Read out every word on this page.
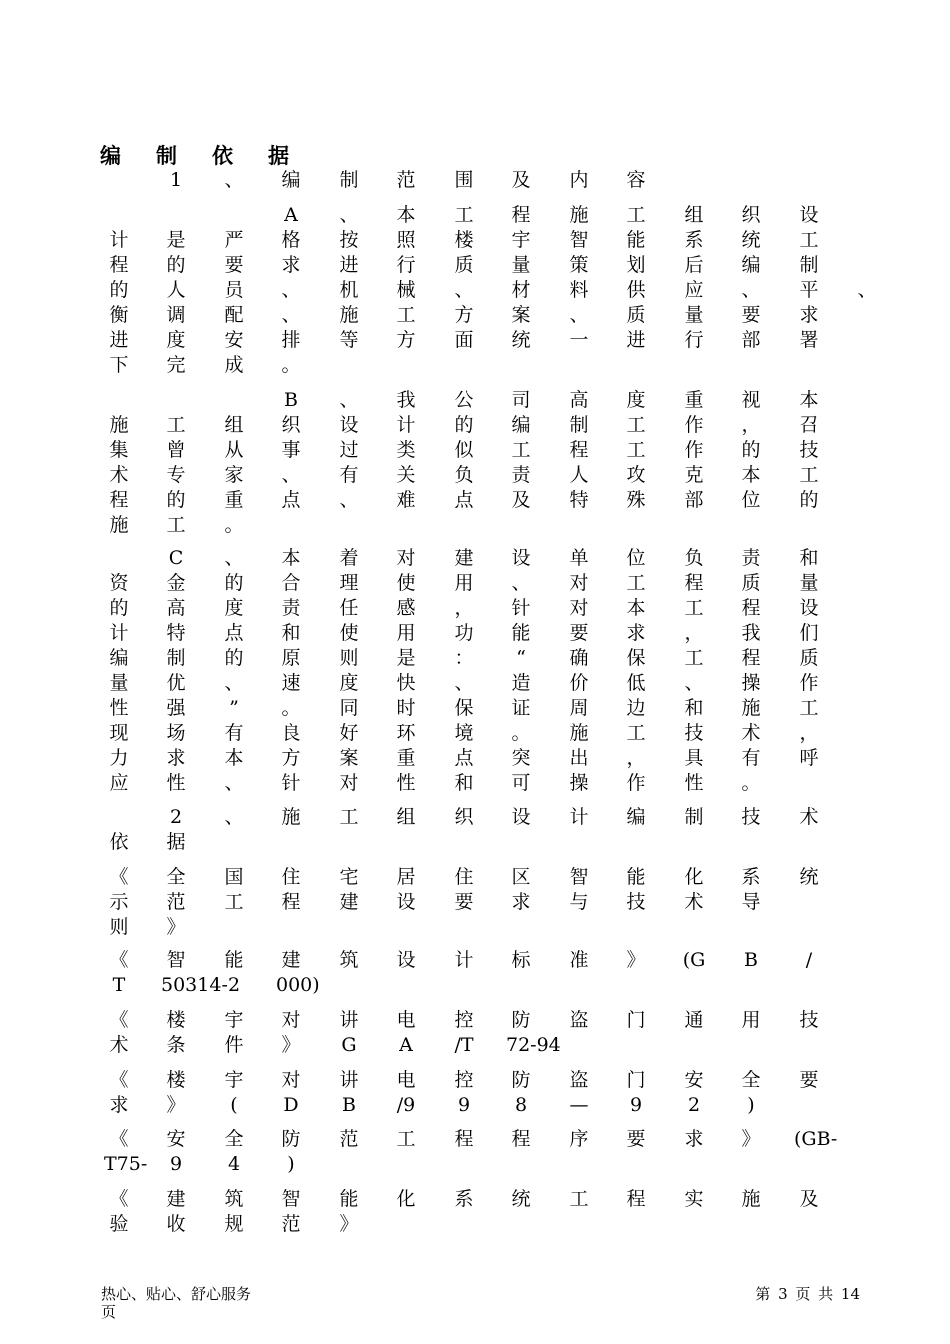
编制依据
1	、 编 制 范 围 及 内 容
A	、 本 工 程 施 工 组 织 设
计 是 严 格 按 照 楼 宇 智 能 系 统 工
程 的 要 求 进 行 质 量 策 划 后 编 制
的 人 员 、 机 械 、 材 料 供 应 、 平 、
衡 调 配 、 施 工 方 案 、 质 量 要 求
进 度 安 排 等 方 面 统 一 进 行 部 署
下 完 成 。
B	、 我 公 司 高 度 重 视 本
施 工 组 织 设 计 的 编 制 工 作 ， 召
集 曾 从 事 过 类 似 工 程 工 作 的 技
术 专 家 、 有 关 负 责 人 攻 克 本 工
程 的 重 点 、 难 点 及 特 殊 部 位 的
施 工 。
C	、 本 着 对 建 设 单 位 负 责 和
资 金 的 合 理 使 用 、 对 工 程 质 量
的 高 度 责 任 感 ， 针 对 本 工 程 设
计 特 点 和 使 用 功 能 要 求 ， 我 们
编 制 的 原 则 是 ：	“	确 保 工 程 质
量 优 、 速 度 快 、 造 价 低 、 操 作
性 强	”	。 同 时 保 证 周 边 和 施 工
现 场 有 良 好 环 境 。 施 工 技 术 ，
力 求 本 方 案 重 点 突 出 ， 具 有 呼
应 性 、 针 对 性 和 可 操 作 性 。
2	、 施 工 组 织 设 计 编 制 技 术
依 据
《 全 国 住 宅 居 住 区 智 能 化 系 统
示 范 工 程 建 设 要 求 与 技 术 导
则 》
《 智 能 建 筑 设 计 标 准 》 (G	B	/
T	50314- 2	000)
《 楼 宇 对 讲 电 控 防 盗 门 通 用 技
术 条 件 》	G	A	/T 72-94
《 楼 宇 对 讲 电 控 防 盗 门 安 全 要
求 》	(	D	B	/9	9	8	—	9	2	)
《 安 全 防 范 工 程 程 序 要 求 》 (GB-
T75-	9	4	)
《 建 筑 智 能 化 系 统 工 程 实 施 及
验 收 规 范 》
热心、贴心、舒心服务
页
第 3 页 共 14
